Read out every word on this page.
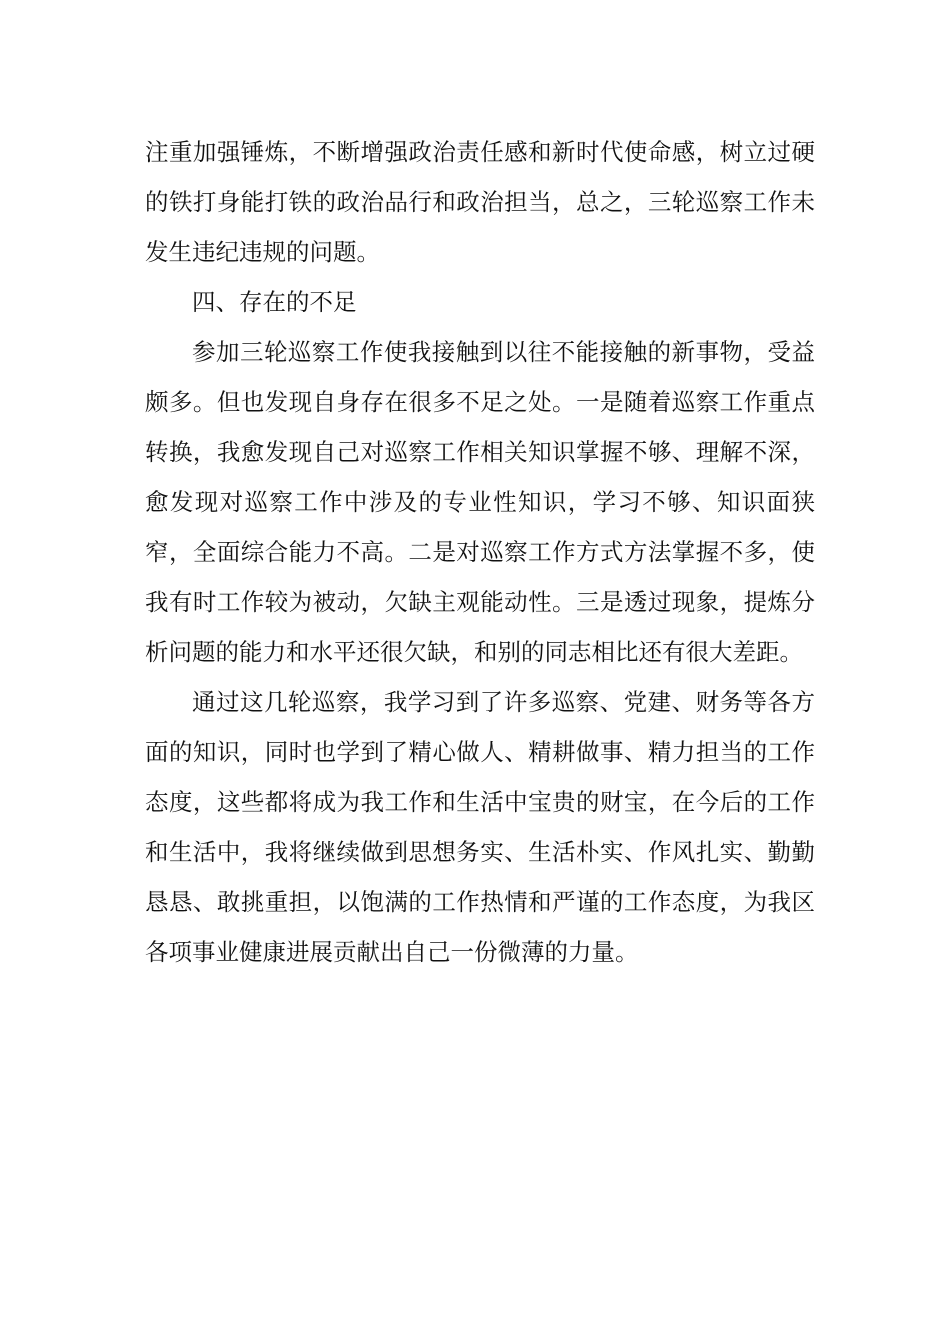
注重加强锤炼，不断增强政治责任感和新时代使命感，树立过硬的铁打身能打铁的政治品行和政治担当，总之，三轮巡察工作未发生违纪违规的问题。

四、存在的不足

参加三轮巡察工作使我接触到以往不能接触的新事物，受益颇多。但也发现自身存在很多不足之处。一是随着巡察工作重点转换，我愈发现自己对巡察工作相关知识掌握不够、理解不深，愈发现对巡察工作中涉及的专业性知识，学习不够、知识面狭窄，全面综合能力不高。二是对巡察工作方式方法掌握不多，使我有时工作较为被动，欠缺主观能动性。三是透过现象，提炼分析问题的能力和水平还很欠缺，和别的同志相比还有很大差距。

通过这几轮巡察，我学习到了许多巡察、党建、财务等各方面的知识，同时也学到了精心做人、精耕做事、精力担当的工作态度，这些都将成为我工作和生活中宝贵的财宝，在今后的工作和生活中，我将继续做到思想务实、生活朴实、作风扎实、勤勤恳恳、敢挑重担，以饱满的工作热情和严谨的工作态度，为我区各项事业健康进展贡献出自己一份微薄的力量。
